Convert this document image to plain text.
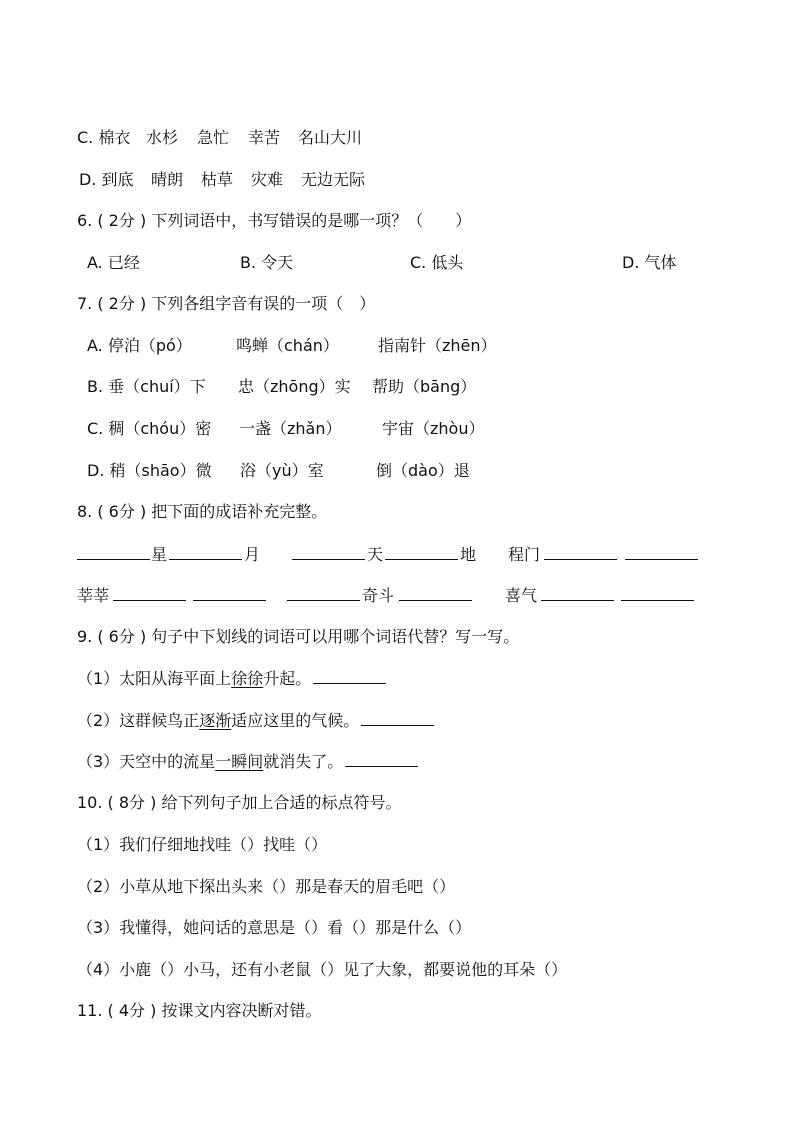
C. 棉衣 水杉 急忙 幸苦 名山大川
D. 到底 晴朗 枯草 灾难 无边无际
6. ( 2分 ) 下列词语中，书写错误的是哪一项？（　　）
A. 已经	B. 令天	C. 低头	D. 气体
7. ( 2分 ) 下列各组字音有误的一项（　）
A. 停泊（pó）	鸣蝉（chán） 指南针（zhēn）
B. 垂（chuí）下 忠（zhōng）实 帮助（bāng）
C. 稠（chóu）密 一盏（zhǎn）	宇宙（zhòu）
D. 稍（shāo）微 浴（yù）室	倒（dào）退
8. ( 6分 ) 把下面的成语补充完整。
星	月	天	地 程门
莘莘	奇斗	喜气
9. ( 6分 ) 句子中下划线的词语可以用哪个词语代替？写一写。
（1）太阳从海平面上徐徐升起。
（2）这群候鸟正逐渐适应这里的气候。
（3）天空中的流星一瞬间就消失了。
10. ( 8分 ) 给下列句子加上合适的标点符号。
（1）我们仔细地找哇（）找哇（）
（2）小草从地下探出头来（）那是春天的眉毛吧（）
（3）我懂得，她问话的意思是（）看（）那是什么（）
（4）小鹿（）小马，还有小老鼠（）见了大象，都要说他的耳朵（）
11. ( 4分 ) 按课文内容决断对错。
